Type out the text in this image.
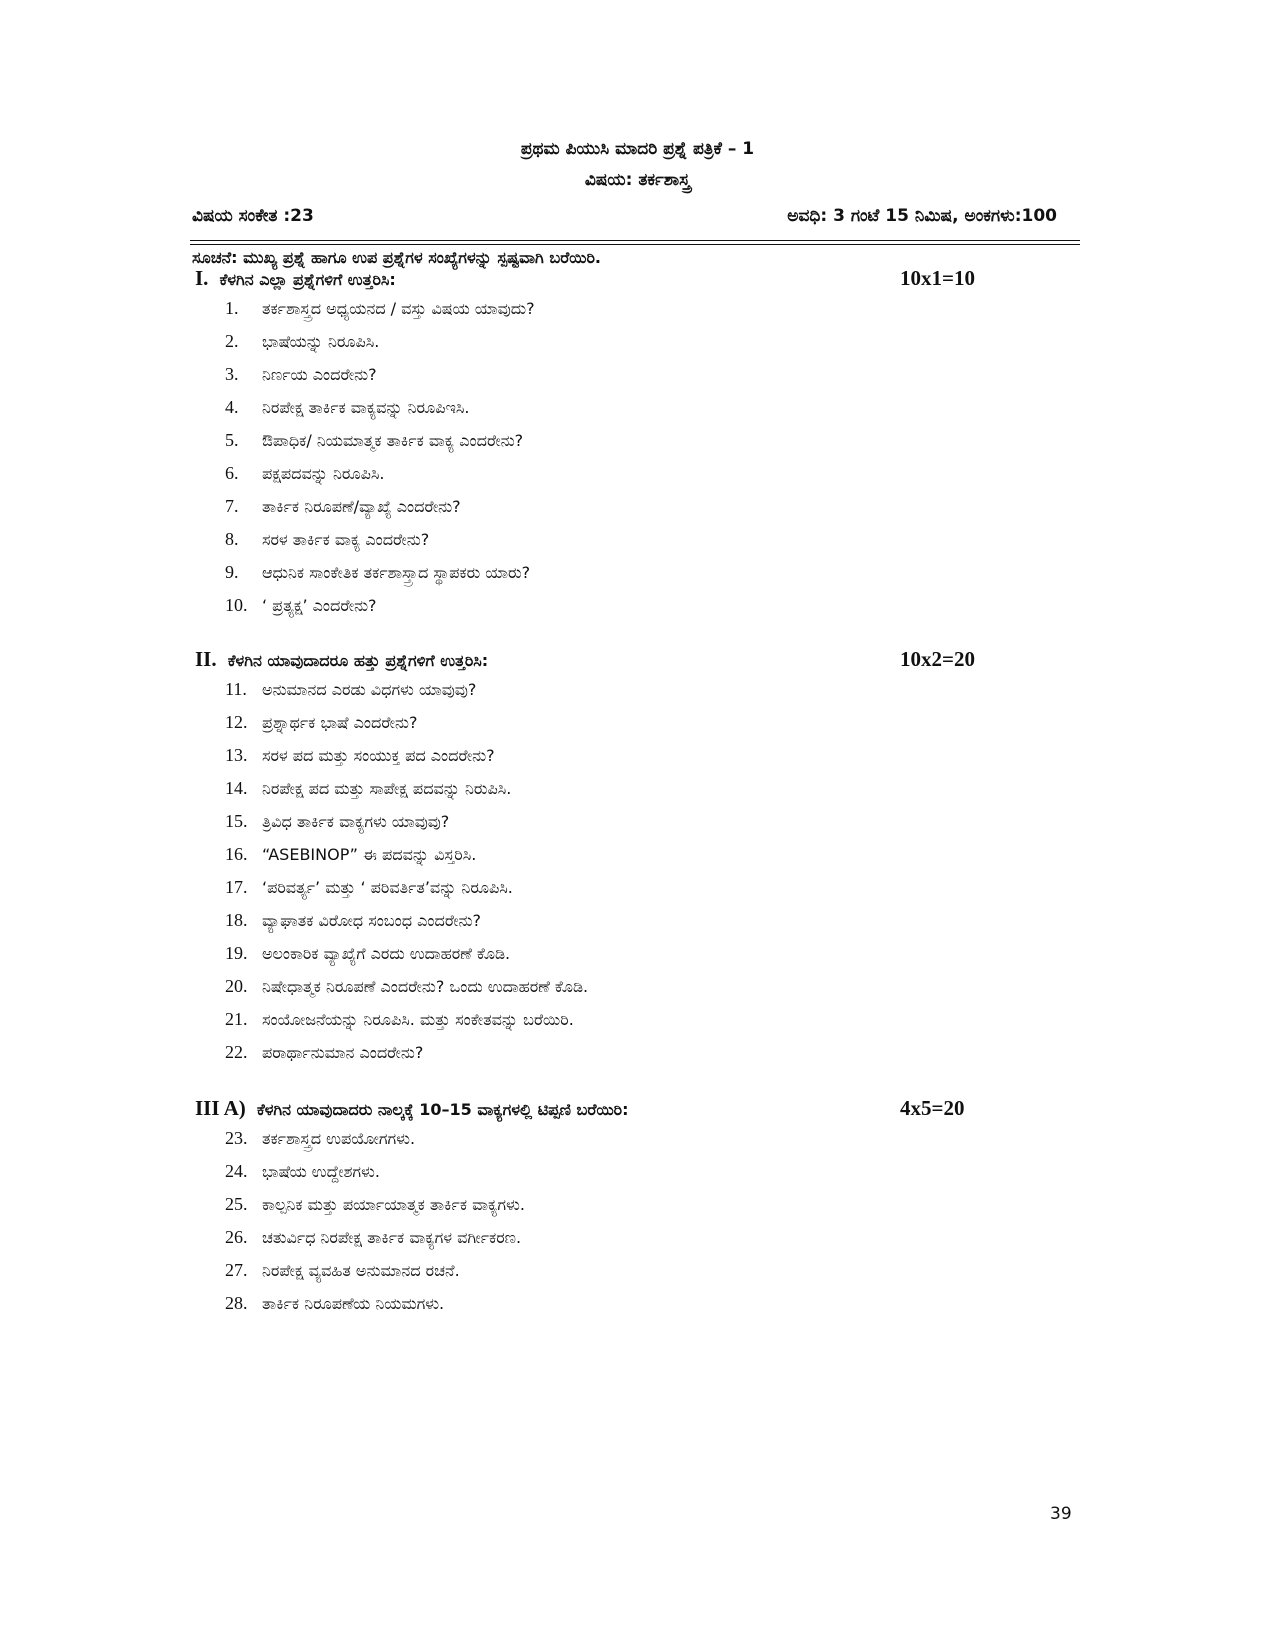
ಪ್ರಥಮ ಪಿಯುಸಿ ಮಾದರಿ ಪ್ರಶ್ನೆ ಪತ್ರಿಕೆ – 1
ವಿಷಯ: ತರ್ಕಶಾಸ್ತ್ರ
ವಿಷಯ ಸಂಕೇತ :23	ಅವಧಿ: 3 ಗಂಟೆ 15 ನಿಮಿಷ, ಅಂಕಗಳು:100
ಸೂಚನೆ: ಮುಖ್ಯ ಪ್ರಶ್ನೆ ಹಾಗೂ ಉಪ ಪ್ರಶ್ನೆಗಳ ಸಂಖ್ಯೆಗಳನ್ನು ಸ್ಪಷ್ಟವಾಗಿ ಬರೆಯಿರಿ.
I. ಕೆಳಗಿನ ಎಲ್ಲಾ ಪ್ರಶ್ನೆಗಳಿಗೆ ಉತ್ತರಿಸಿ:	10x1=10
1.	ತರ್ಕಶಾಸ್ತ್ರದ ಅಧ್ಯಯನದ / ವಸ್ತು ವಿಷಯ ಯಾವುದು?
2.	ಭಾಷೆಯನ್ನು ನಿರೂಪಿಸಿ.
3.	ನಿರ್ಣಯ ಎಂದರೇನು?
4.	ನಿರಪೇಕ್ಷ ತಾರ್ಕಿಕ ವಾಕ್ಯವನ್ನು ನಿರೂಪಿಇಸಿ.
5.	ಔಪಾಧಿಕ/ ನಿಯಮಾತ್ಮಕ ತಾರ್ಕಿಕ ವಾಕ್ಯ ಎಂದರೇನು?
6.	ಪಕ್ಷಪದವನ್ನು ನಿರೂಪಿಸಿ.
7.	ತಾರ್ಕಿಕ ನಿರೂಪಣೆ/ವ್ಯಾಖ್ಯೆ ಎಂದರೇನು?
8.	ಸರಳ ತಾರ್ಕಿಕ ವಾಕ್ಯ ಎಂದರೇನು?
9.	ಆಧುನಿಕ ಸಾಂಕೇತಿಕ ತರ್ಕಶಾಸ್ತ್ರಾದ ಸ್ಥಾಪಕರು ಯಾರು?
10. ‘ ಪ್ರತ್ಯಕ್ಷ’ ಎಂದರೇನು?
II. ಕೆಳಗಿನ ಯಾವುದಾದರೂ ಹತ್ತು ಪ್ರಶ್ನೆಗಳಿಗೆ ಉತ್ತರಿಸಿ:	10x2=20
11. ಅನುಮಾನದ ಎರಡು ವಿಧಗಳು ಯಾವುವು?
12. ಪ್ರಶ್ನಾರ್ಥಕ ಭಾಷೆ ಎಂದರೇನು?
13. ಸರಳ ಪದ ಮತ್ತು ಸಂಯುಕ್ತ ಪದ ಎಂದರೇನು?
14. ನಿರಪೇಕ್ಷ ಪದ ಮತ್ತು ಸಾಪೇಕ್ಷ ಪದವನ್ನು ನಿರುಪಿಸಿ.
15. ತ್ರಿವಿಧ ತಾರ್ಕಿಕ ವಾಕ್ಯಗಳು ಯಾವುವು?
16. “ASEBINOP” ಈ ಪದವನ್ನು ವಿಸ್ತರಿಸಿ.
17. ‘ಪರಿವರ್ತ್ಯ’ ಮತ್ತು ‘ ಪರಿವರ್ತಿತ’ವನ್ನು ನಿರೂಪಿಸಿ.
18. ವ್ಯಾಘಾತಕ ವಿರೋಧ ಸಂಬಂಧ ಎಂದರೇನು?
19. ಅಲಂಕಾರಿಕ ವ್ಯಾಖ್ಯೆಗೆ ಎರದು ಉದಾಹರಣೆ ಕೊಡಿ.
20. ನಿಷೇಧಾತ್ಮಕ ನಿರೂಪಣೆ ಎಂದರೇನು? ಒಂದು ಉದಾಹರಣೆ ಕೊಡಿ.
21. ಸಂಯೋಜನೆಯನ್ನು ನಿರೂಪಿಸಿ. ಮತ್ತು ಸಂಕೇತವನ್ನು ಬರೆಯಿರಿ.
22. ಪರಾರ್ಥಾನುಮಾನ ಎಂದರೇನು?
III A) ಕೆಳಗಿನ ಯಾವುದಾದರು ನಾಲ್ಕಕ್ಕೆ 10–15 ವಾಕ್ಯಗಳಲ್ಲಿ ಟಿಪ್ಪಣಿ ಬರೆಯಿರಿ:	4x5=20
23. ತರ್ಕಶಾಸ್ತ್ರದ ಉಪಯೋಗಗಳು.
24. ಭಾಷೆಯ ಉದ್ದೇಶಗಳು.
25. ಕಾಲ್ಪನಿಕ ಮತ್ತು ಪರ್ಯಾಯಾತ್ಮಕ ತಾರ್ಕಿಕ ವಾಕ್ಯಗಳು.
26. ಚತುರ್ವಿಧ ನಿರಪೇಕ್ಷ ತಾರ್ಕಿಕ ವಾಕ್ಯಗಳ ವರ್ಗೀಕರಣ.
27. ನಿರಪೇಕ್ಷ ವ್ಯವಹಿತ ಅನುಮಾನದ ರಚನೆ.
28. ತಾರ್ಕಿಕ ನಿರೂಪಣೆಯ ನಿಯಮಗಳು.
39
